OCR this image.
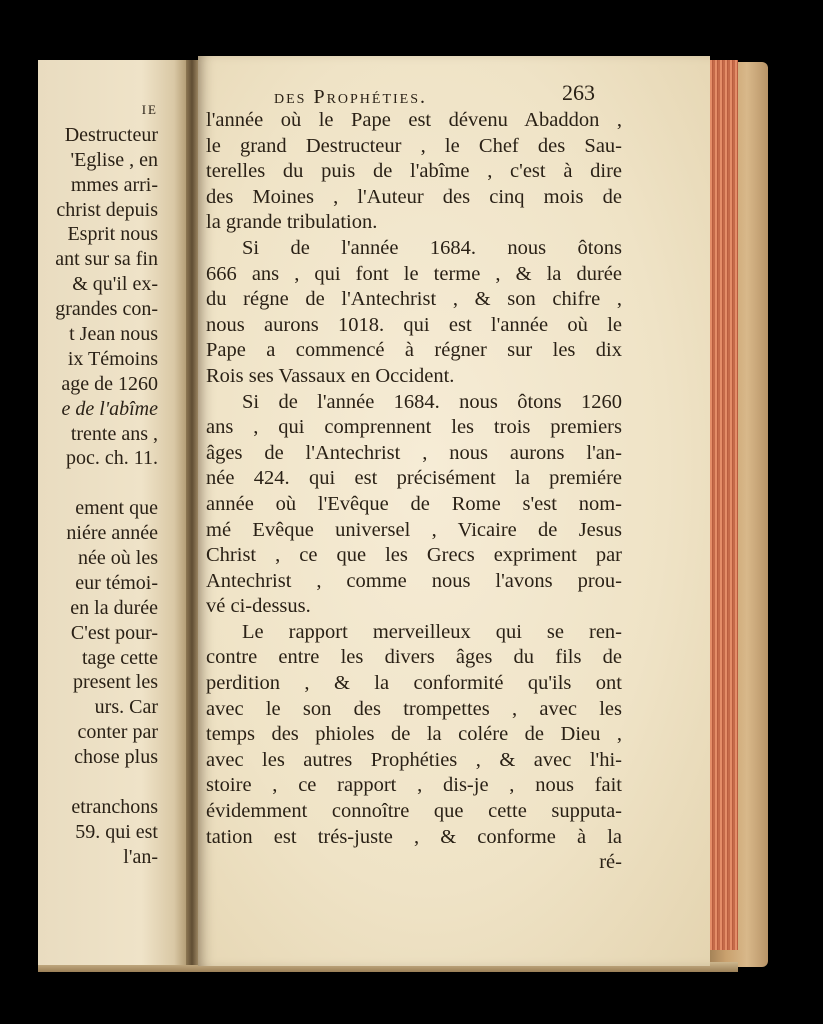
IE
Destructeur
'Eglise , en
mmes arri-
christ depuis
Esprit nous
ant sur sa fin
& qu'il ex-
grandes con-
t Jean nous
ix Témoins
age de 1260
e de l'abîme
trente ans ,
poc. ch. 11.
ement que
niére année
née où les
eur témoi-
en la durée
C'est pour-
tage cette
present les
urs. Car
conter par
chose plus
etranchons
59. qui est
l'an-
des Prophéties.	263
l'année où le Pape est dévenu Abaddon ,
le grand Destructeur , le Chef des Sau-
terelles du puis de l'abîme , c'est à dire
des Moines , l'Auteur des cinq mois de
la grande tribulation.
Si de l'année 1684. nous ôtons
666 ans , qui font le terme , & la durée
du régne de l'Antechrist , & son chifre ,
nous aurons 1018. qui est l'année où le
Pape a commencé à régner sur les dix
Rois ses Vassaux en Occident.
Si de l'année 1684. nous ôtons 1260
ans , qui comprennent les trois premiers
âges de l'Antechrist , nous aurons l'an-
née 424. qui est précisément la premiére
année où l'Evêque de Rome s'est nom-
mé Evêque universel , Vicaire de Jesus
Christ , ce que les Grecs expriment par
Antechrist , comme nous l'avons prou-
vé ci-dessus.
Le rapport merveilleux qui se ren-
contre entre les divers âges du fils de
perdition , & la conformité qu'ils ont
avec le son des trompettes , avec les
temps des phioles de la colére de Dieu ,
avec les autres Prophéties , & avec l'hi-
stoire , ce rapport , dis-je , nous fait
évidemment connoître que cette supputa-
tation est trés-juste , & conforme à la
ré-
